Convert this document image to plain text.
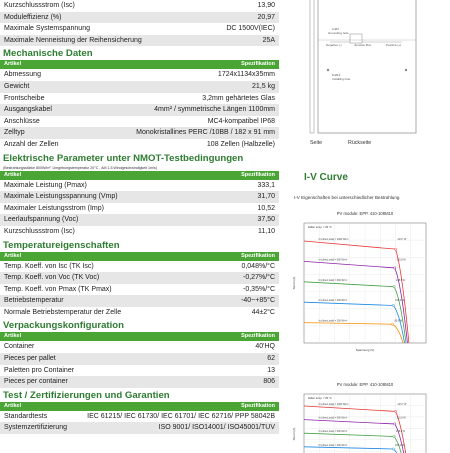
Kurzschlussstrom (Isc)	13,90
Moduleffizienz (%)	20,97
Maximale Systemspannung	DC 1500V(IEC)
Maximale Nenneistung der Reihensicherung	25A
Mechanische Daten
Artikel	Spezifikation
Abmessung	1724x1134x35mm
Gewicht	21,5 kg
Frontscheibe	3,2mm gehärtetes Glas
Ausgangskabel	4mm² / symmetrische Längen 1100mm
Anschlüsse	MC4-kompatibel IP68
Zelltyp	Monokristallines PERC /10BB / 182 x 91 mm
Anzahl der Zellen	108 Zellen (Halbzelle)
Elektrische Parameter unter NMOT-Testbedingungen
(Bestrahlungsstärke 800W/m², Umgebungstemperatur 20°C , AM 1.5,Windgeschwindigkeit 1m/s)
Artikel	Spezifikation
Maximale Leistung (Pmax)	333,1
Maximale Leistungsspannung (Vmp)	31,70
Maximaler Leistungsstrom (Imp)	10,52
Leerlaufspannung (Voc)	37,50
Kurzschlussstrom (Isc)	11,10
Temperatureigenschaften
Artikel	Spezifikation
Temp. Koeff. von Isc (TK Isc)	0,048%/°C
Temp. Koeff. von Voc (TK Voc)	-0,27%/°C
Temp. Koeff. von Pmax (TK Pmax)	-0,35%/°C
Betriebstemperatur	-40~+85°C
Normale Betriebstemperatur der Zelle	44±2°C
Verpackungskonfiguration
Artikel	Spezifikation
Container	40'HQ
Pieces per pallet	62
Paletten pro Container	13
Pieces per container	806
Test / Zertifizierungen und Garantien
Artikel	Spezifikation
Standardtests	IEC 61215/ IEC 61730/ IEC 61701/ IEC 62716/ PPP 58042B
Systemzertifizierung	ISO 9001/ ISO14001/ ISO45001/TUV
2-Ø4
Grounding hole
Negative (-)	Junction Box	Positive (+)
8-Ø14
Installing hole
Seite	Rückseite
I-V Curve
I-V Eigenschaften bei unterschiedlicher Bestrahlung
PV module: EPP. 410-108M10
Zellen temp. = 25 °C
Irr.(direct,total) = 1000 W/m²	413.7 W
Irr.(direct,total) = 800 W/m²	331.8 W
Irr.(direct,total) = 600 W/m²	248.4 W
Irr.(direct,total) = 400 W/m²	165.2 W
Irr.(direct,total) = 200 W/m²	80.5 W
Strom (A)
Spannung (V)
PV module: EPP. 410-108M10
Zellen temp. = 25 °C
Irr.(direct,total) = 1000 W/m²	413.7 W
Irr.(direct,total) = 800 W/m²	331.8 W
Irr.(direct,total) = 600 W/m²	248.4 W
Irr.(direct,total) = 400 W/m²	165.2 W
Strom (A)
